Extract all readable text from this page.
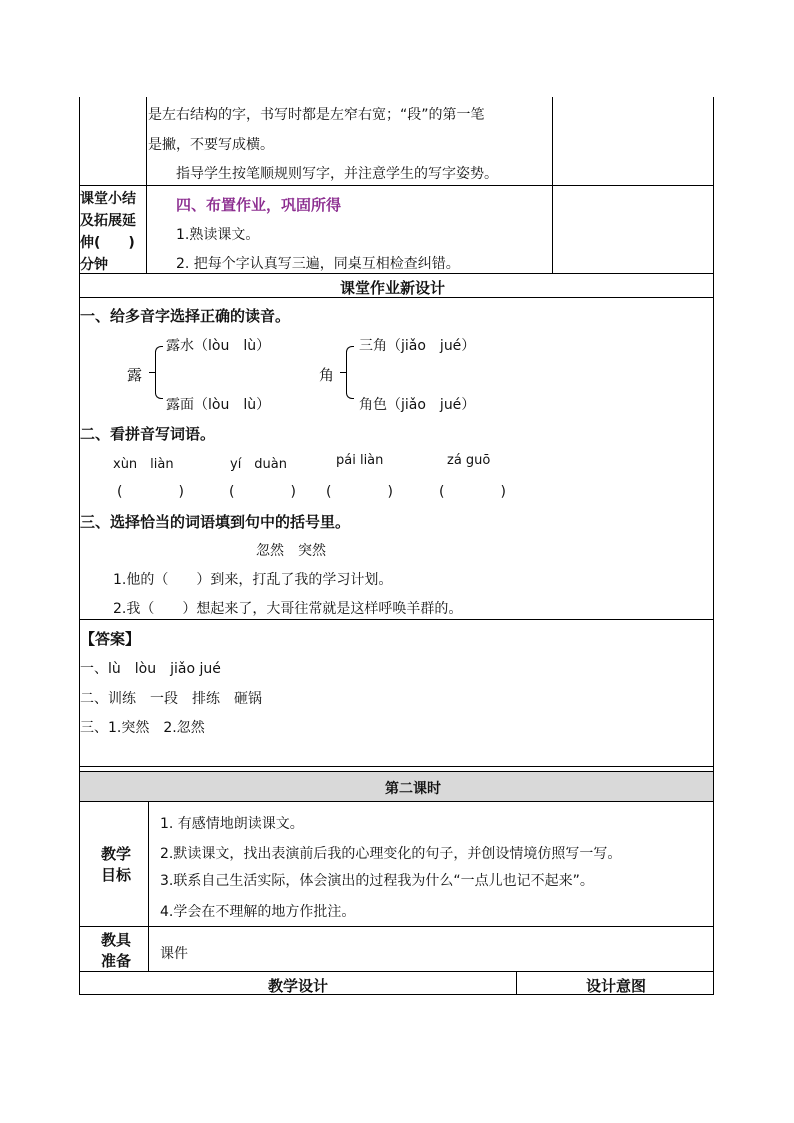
是左右结构的字，书写时都是左窄右宽；“段”的第一笔
是撇，不要写成横。
指导学生按笔顺规则写字，并注意学生的写字姿势。
课堂小结
及拓展延
伸(　　)
分钟
四、布置作业，巩固所得
1.熟读课文。
2. 把每个字认真写三遍，同桌互相检查纠错。
课堂作业新设计
一、给多音字选择正确的读音。
露
露水（lòu　lù）
露面（lòu　lù）
角
三角（jiǎo　jué）
角色（jiǎo　jué）
二、看拼音写词语。
xùn　liàn	yí　duàn	pái liàn	zá guō
(　　　　)	(　　　　) (　　　　)	(　　　　)
三、选择恰当的词语填到句中的括号里。
忽然　突然
1.他的（　　）到来，打乱了我的学习计划。
2.我（　　）想起来了，大哥往常就是这样呼唤羊群的。
【答案】
一、lù　lòu　jiǎo jué
二、训练　一段　排练　砸锅
三、1.突然　2.忽然
第二课时
教学
目标
1. 有感情地朗读课文。
2.默读课文，找出表演前后我的心理变化的句子，并创设情境仿照写一写。
3.联系自己生活实际，体会演出的过程我为什么“一点儿也记不起来”。
4.学会在不理解的地方作批注。
教具
准备 课件
教学设计	设计意图
